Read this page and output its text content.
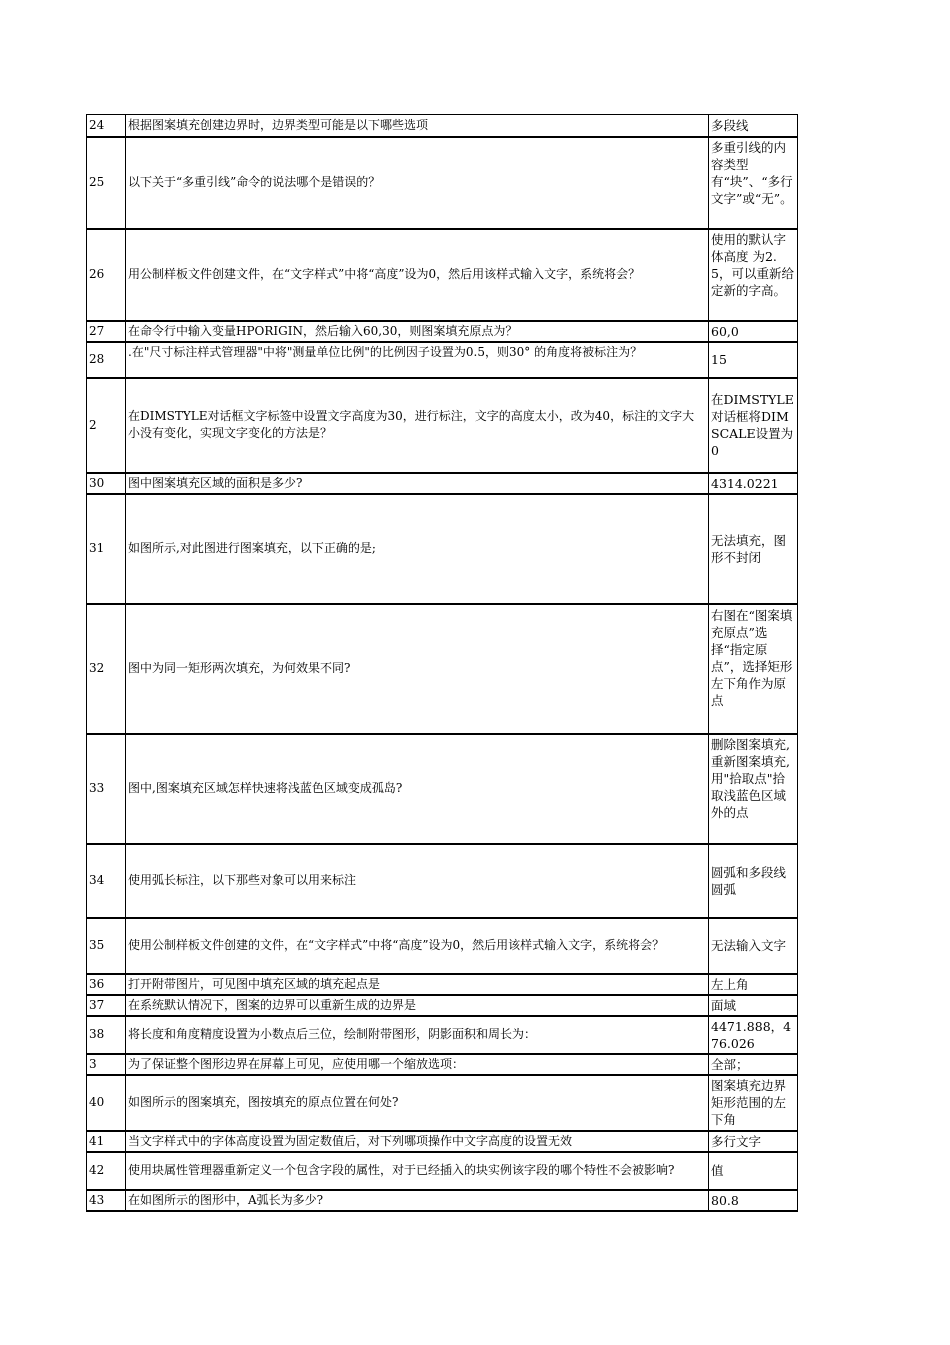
24	根据图案填充创建边界时，边界类型可能是以下哪些选项	多段线
25	以下关于“多重引线”命令的说法哪个是错误的？	多重引线的内容类型有“块”、“多行文字”或“无”。

26	用公制样板文件创建文件，在“文字样式”中将“高度”设为0，然后用该样式输入文字，系统将会？	使用的默认字体高度 为2.5，可以重新给定新的字高。

27	在命令行中输入变量HPORIGIN，然后输入60,30，则图案填充原点为？	60,0
28	.在"尺寸标注样式管理器"中将"测量单位比例"的比例因子设置为0.5，则30° 的角度将被标注为？	15
2	在DIMSTYLE对话框文字标签中设置文字高度为30，进行标注，文字的高度太小，改为40，标注的文字大小没有变化，实现文字变化的方法是？	在DIMSTYLE对话框将DIMSCALE设置为0
30	图中图案填充区域的面积是多少?	4314.0221
31	如图所示,对此图进行图案填充，以下正确的是;	无法填充，图形不封闭
32	图中为同一矩形两次填充，为何效果不同?	右图在“图案填充原点”选择“指定原点”，选择矩形左下角作为原点

33	图中,图案填充区域怎样快速将浅蓝色区域变成孤岛?	删除图案填充,重新图案填充,用"拾取点"拾取浅蓝色区域外的点

34	使用弧长标注，以下那些对象可以用来标注	圆弧和多段线圆弧
35	使用公制样板文件创建的文件，在“文字样式”中将“高度”设为0，然后用该样式输入文字，系统将会？	无法输入文字
36	打开附带图片，可见图中填充区域的填充起点是	左上角
37	在系统默认情况下，图案的边界可以重新生成的边界是	面域
38	将长度和角度精度设置为小数点后三位，绘制附带图形，阴影面积和周长为：	4471.888，476.026
3	为了保证整个图形边界在屏幕上可见，应使用哪一个缩放选项：	全部；
40	如图所示的图案填充，图按填充的原点位置在何处?	图案填充边界矩形范围的左下角
41	当文字样式中的字体高度设置为固定数值后，对下列哪项操作中文字高度的设置无效	多行文字
42	使用块属性管理器重新定义一个包含字段的属性，对于已经插入的块实例该字段的哪个特性不会被影响?	值
43	在如图所示的图形中，A弧长为多少?	80.8
